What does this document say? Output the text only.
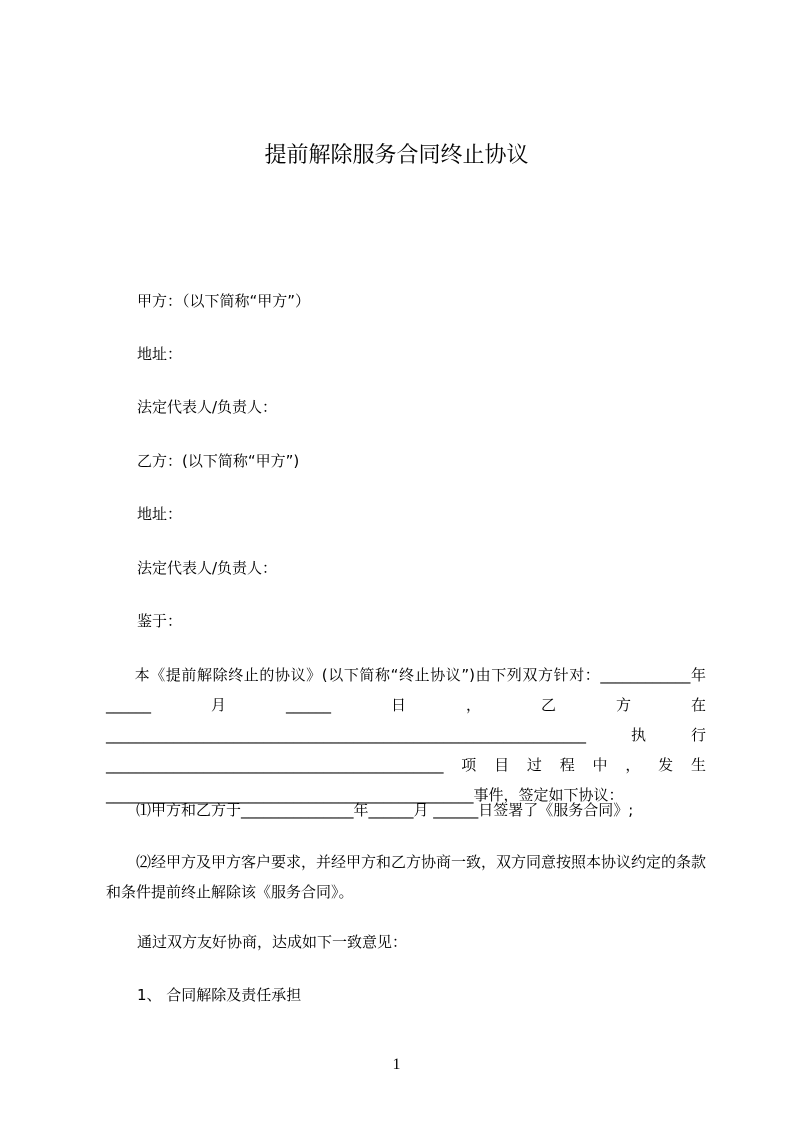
提前解除服务合同终止协议
甲方：（以下简称“甲方”）
地址：
法定代表人/负责人：
乙方：(以下简称“甲方”)
地址：
法定代表人/负责人：
鉴于：

本《提前解除终止的协议》(以下简称“终止协议”)由下列双方针对：____________年______月______日，乙方在________________________________________________________________执行_____________________________________________项目过程中，发生_________________________________________________事件，签定如下协议：

⑴甲方和乙方于_______________年______月 ______日签署了《服务合同》;

⑵经甲方及甲方客户要求，并经甲方和乙方协商一致，双方同意按照本协议约定的条款和条件提前终止解除该《服务合同》。

通过双方友好协商，达成如下一致意见：
1、 合同解除及责任承担
1
